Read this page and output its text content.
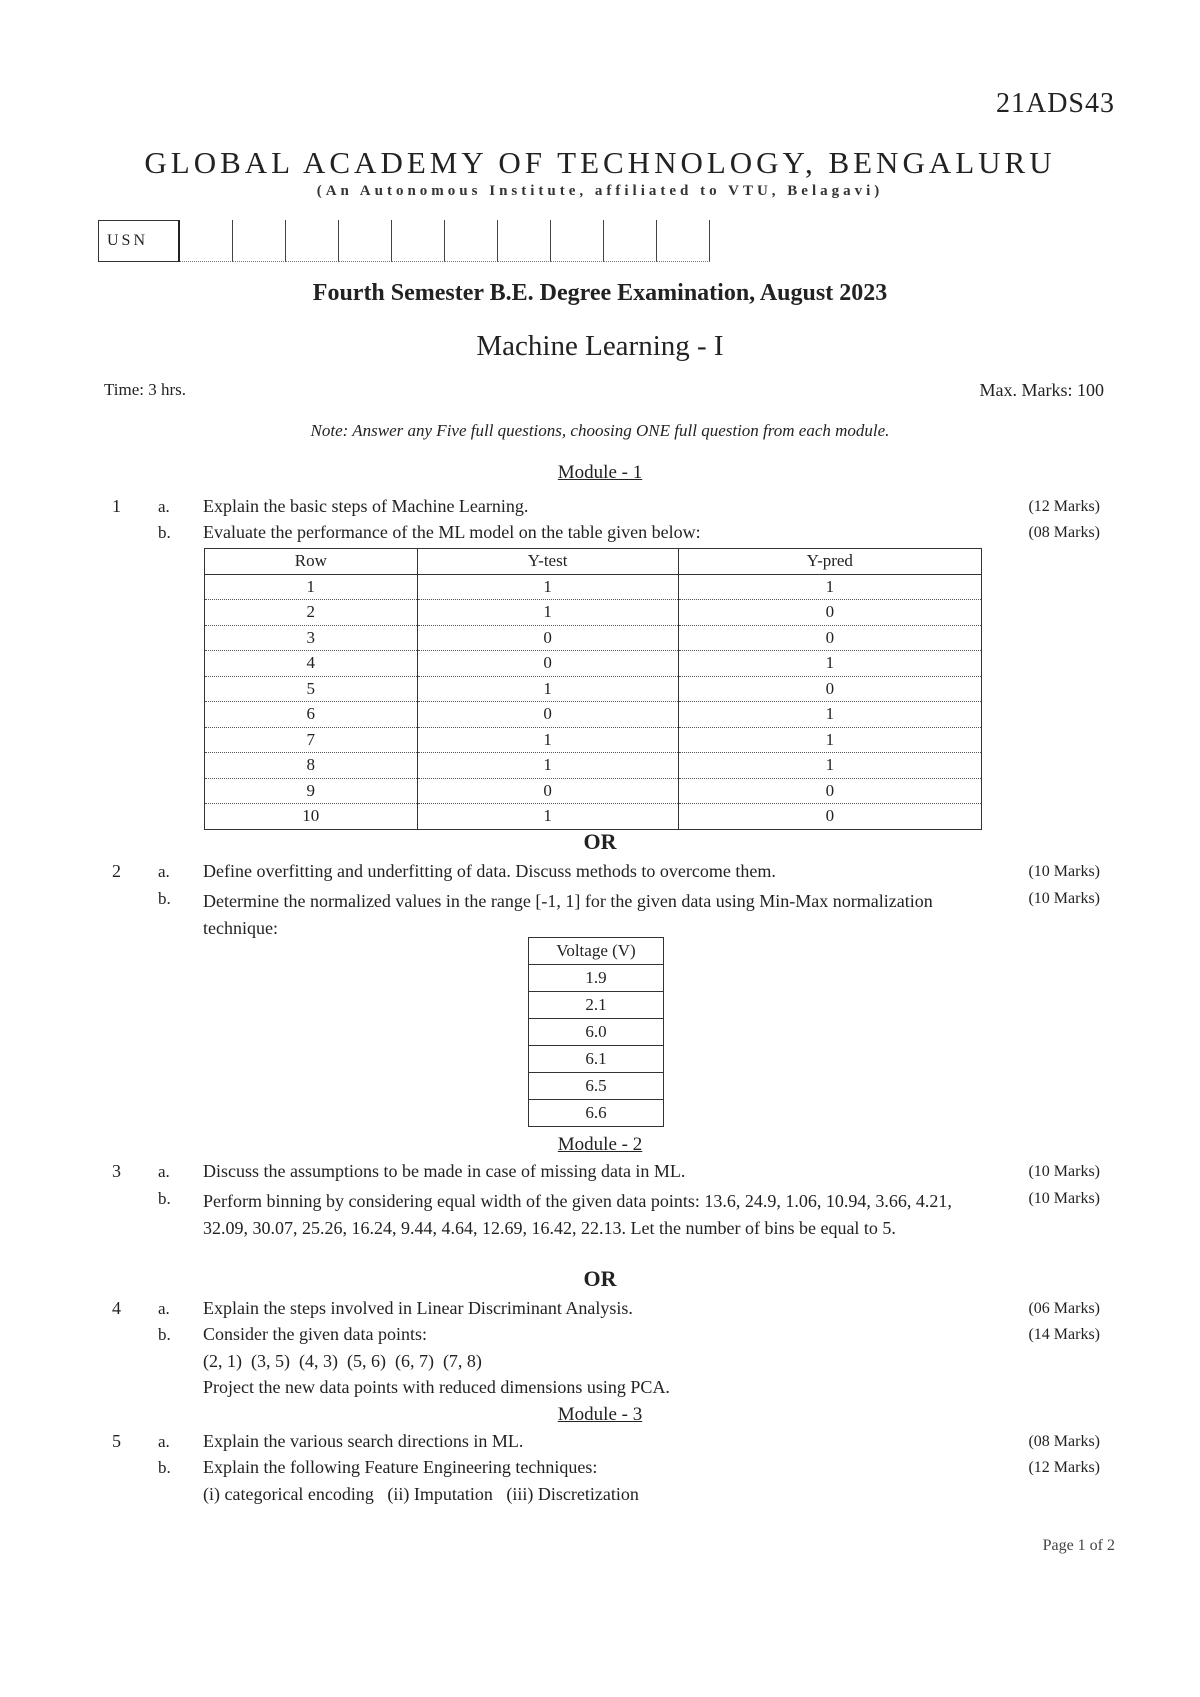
21ADS43
GLOBAL ACADEMY OF TECHNOLOGY, BENGALURU
(An Autonomous Institute, affiliated to VTU, Belagavi)
USN
Fourth Semester B.E. Degree Examination, August 2023
Machine Learning - I
Time: 3 hrs.	Max. Marks: 100
Note: Answer any Five full questions, choosing ONE full question from each module.
Module - 1
1 a. Explain the basic steps of Machine Learning.	(12 Marks)
b. Evaluate the performance of the ML model on the table given below:	(08 Marks)
Row	Y-test	Y-pred
1	1	1
2	1	0
3	0	0
4	0	1
5	1	0
6	0	1
7	1	1
8	1	1
9	0	0
10	1	0
OR
2 a. Define overfitting and underfitting of data. Discuss methods to overcome them.	(10 Marks)
b. Determine the normalized values in the range [-1, 1] for the given data using Min-Max normalization technique:
(10 Marks)
Voltage (V)
1.9
2.1
6.0
6.1
6.5
6.6
Module - 2
3 a. Discuss the assumptions to be made in case of missing data in ML.	(10 Marks)
b. Perform binning by considering equal width of the given data points: 13.6, 24.9, 1.06, 10.94, 3.66, 4.21, 32.09, 30.07, 25.26, 16.24, 9.44, 4.64, 12.69, 16.42, 22.13. Let the number of bins be equal to 5.
(10 Marks)
OR
4 a. Explain the steps involved in Linear Discriminant Analysis.	(06 Marks)
b. Consider the given data points:	(14 Marks)
(2, 1)  (3, 5)  (4, 3)  (5, 6)  (6, 7)  (7, 8)
Project the new data points with reduced dimensions using PCA.
Module - 3
5 a. Explain the various search directions in ML.	(08 Marks)
b. Explain the following Feature Engineering techniques:	(12 Marks)
(i) categorical encoding   (ii) Imputation   (iii) Discretization
Page 1 of 2
